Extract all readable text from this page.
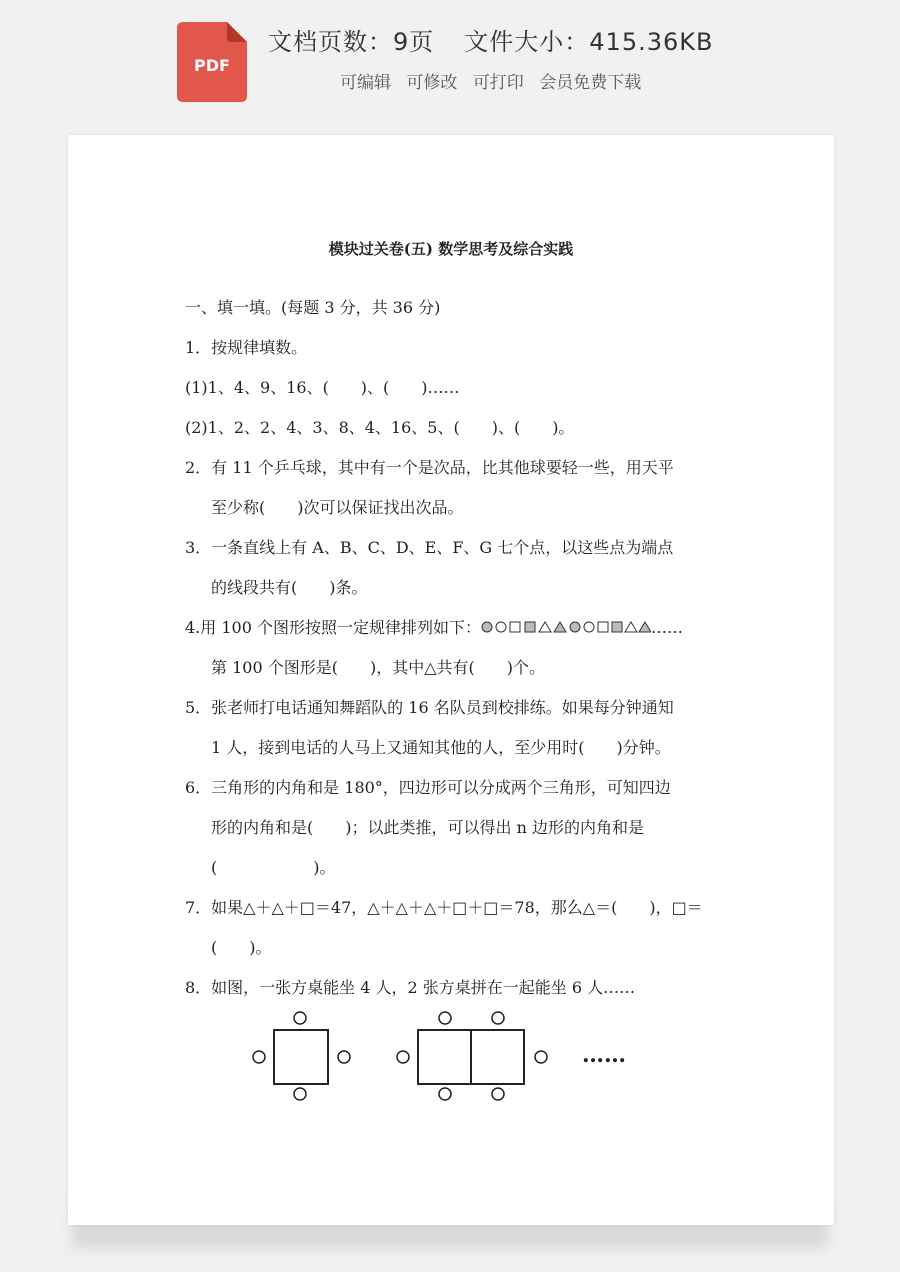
PDF
文档页数：9页 文件大小：415.36KB
可编辑 可修改 可打印 会员免费下载
模块过关卷(五) 数学思考及综合实践
一、填一填。(每题 3 分，共 36 分)
1．按规律填数。
(1)1、4、9、16、(　　)、(　　)……
(2)1、2、2、4、3、8、4、16、5、(　　)、(　　)。
2．有 11 个乒乓球，其中有一个是次品，比其他球要轻一些，用天平
至少称(　　)次可以保证找出次品。
3．一条直线上有 A、B、C、D、E、F、G 七个点，以这些点为端点
的线段共有(　　)条。
4.用 100 个图形按照一定规律排列如下：	……
第 100 个图形是(　　)，其中△共有(　　)个。
5．张老师打电话通知舞蹈队的 16 名队员到校排练。如果每分钟通知
1 人，接到电话的人马上又通知其他的人，至少用时(　　)分钟。
6．三角形的内角和是 180°，四边形可以分成两个三角形，可知四边
形的内角和是(　　)；以此类推，可以得出 n 边形的内角和是
(　　　　　　)。
7．如果△＋△＋□＝47，△＋△＋△＋□＋□＝78，那么△＝(　　)，□＝
(　　)。
8．如图，一张方桌能坐 4 人，2 张方桌拼在一起能坐 6 人……
……
